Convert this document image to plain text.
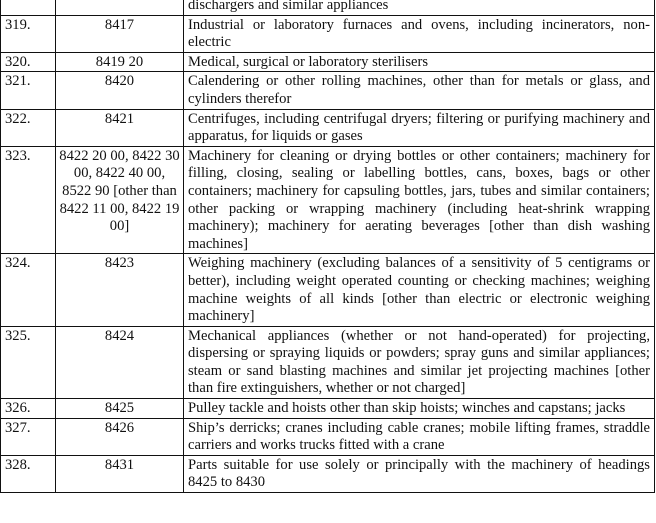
		dischargers and similar appliances
319.	8417	Industrial or laboratory furnaces and ovens, including incinerators, non-electric
320.	8419 20	Medical, surgical or laboratory sterilisers
321.	8420	Calendering or other rolling machines, other than for metals or glass, and cylinders therefor
322.	8421	Centrifuges, including centrifugal dryers; filtering or purifying machinery and apparatus, for liquids or gases
323.	8422 20 00, 8422 30 00, 8422 40 00, 8522 90 [other than 8422 11 00, 8422 19 00]	Machinery for cleaning or drying bottles or other containers; machinery for filling, closing, sealing or labelling bottles, cans, boxes, bags or other containers; machinery for capsuling bottles, jars, tubes and similar containers; other packing or wrapping machinery (including heat-shrink wrapping machinery); machinery for aerating beverages [other than dish washing machines]
324.	8423	Weighing machinery (excluding balances of a sensitivity of 5 centigrams or better), including weight operated counting or checking machines; weighing machine weights of all kinds [other than electric or electronic weighing machinery]
325.	8424	Mechanical appliances (whether or not hand-operated) for projecting, dispersing or spraying liquids or powders; spray guns and similar appliances; steam or sand blasting machines and similar jet projecting machines [other than fire extinguishers, whether or not charged]
326.	8425	Pulley tackle and hoists other than skip hoists; winches and capstans; jacks
327.	8426	Ship’s derricks; cranes including cable cranes; mobile lifting frames, straddle carriers and works trucks fitted with a crane
328.	8431	Parts suitable for use solely or principally with the machinery of headings 8425 to 8430
